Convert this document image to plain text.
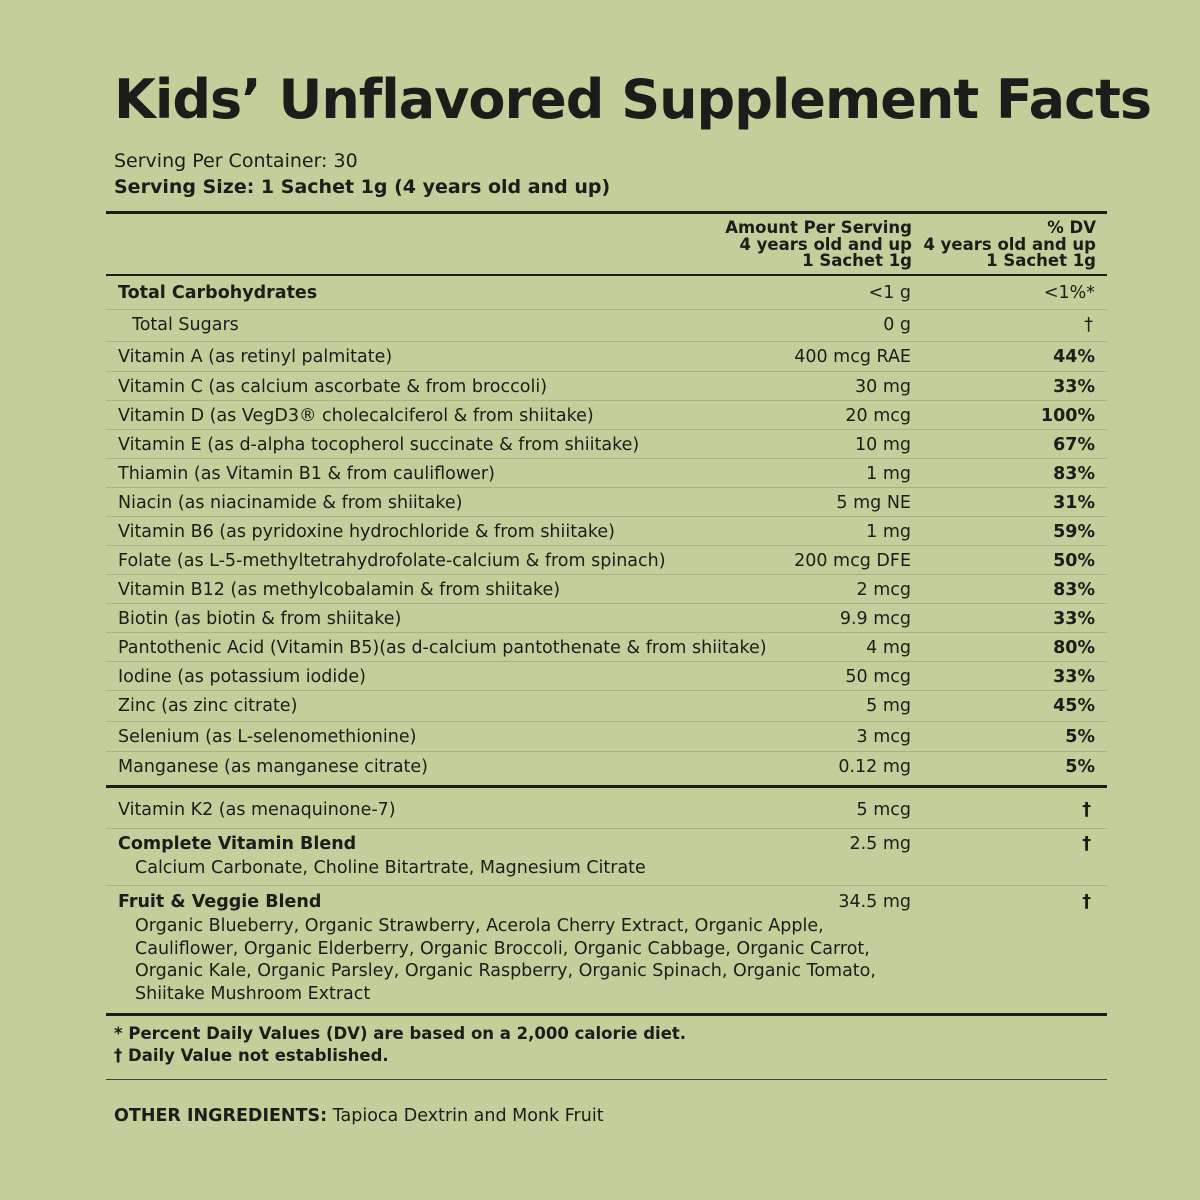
Kids’ Unflavored Supplement Facts
Serving Per Container: 30
Serving Size: 1 Sachet 1g (4 years old and up)
Amount Per Serving
4 years old and up
1 Sachet 1g
% DV
4 years old and up
1 Sachet 1g
Total Carbohydrates	<1 g	<1%*
Total Sugars	0 g	†
Vitamin A (as retinyl palmitate)	400 mcg RAE	44%
Vitamin C (as calcium ascorbate & from broccoli)	30 mg	33%
Vitamin D (as VegD3® cholecalciferol & from shiitake)	20 mcg	100%
Vitamin E (as d-alpha tocopherol succinate & from shiitake)	10 mg	67%
Thiamin (as Vitamin B1 & from cauliflower)	1 mg	83%
Niacin (as niacinamide & from shiitake)	5 mg NE	31%
Vitamin B6 (as pyridoxine hydrochloride & from shiitake)	1 mg	59%
Folate (as L-5-methyltetrahydrofolate-calcium & from spinach)	200 mcg DFE	50%
Vitamin B12 (as methylcobalamin & from shiitake)	2 mcg	83%
Biotin (as biotin & from shiitake)	9.9 mcg	33%
Pantothenic Acid (Vitamin B5)(as d-calcium pantothenate & from shiitake)	4 mg	80%
Iodine (as potassium iodide)	50 mcg	33%
Zinc (as zinc citrate)	5 mg	45%
Selenium (as L-selenomethionine)	3 mcg	5%
Manganese (as manganese citrate)	0.12 mg	5%
Vitamin K2 (as menaquinone-7)	5 mcg	†
Complete Vitamin Blend	2.5 mg	†
Calcium Carbonate, Choline Bitartrate, Magnesium Citrate
Fruit & Veggie Blend	34.5 mg	†
Organic Blueberry, Organic Strawberry, Acerola Cherry Extract, Organic Apple, Cauliflower, Organic Elderberry, Organic Broccoli, Organic Cabbage, Organic Carrot, Organic Kale, Organic Parsley, Organic Raspberry, Organic Spinach, Organic Tomato, Shiitake Mushroom Extract
* Percent Daily Values (DV) are based on a 2,000 calorie diet.
† Daily Value not established.
OTHER INGREDIENTS: Tapioca Dextrin and Monk Fruit
